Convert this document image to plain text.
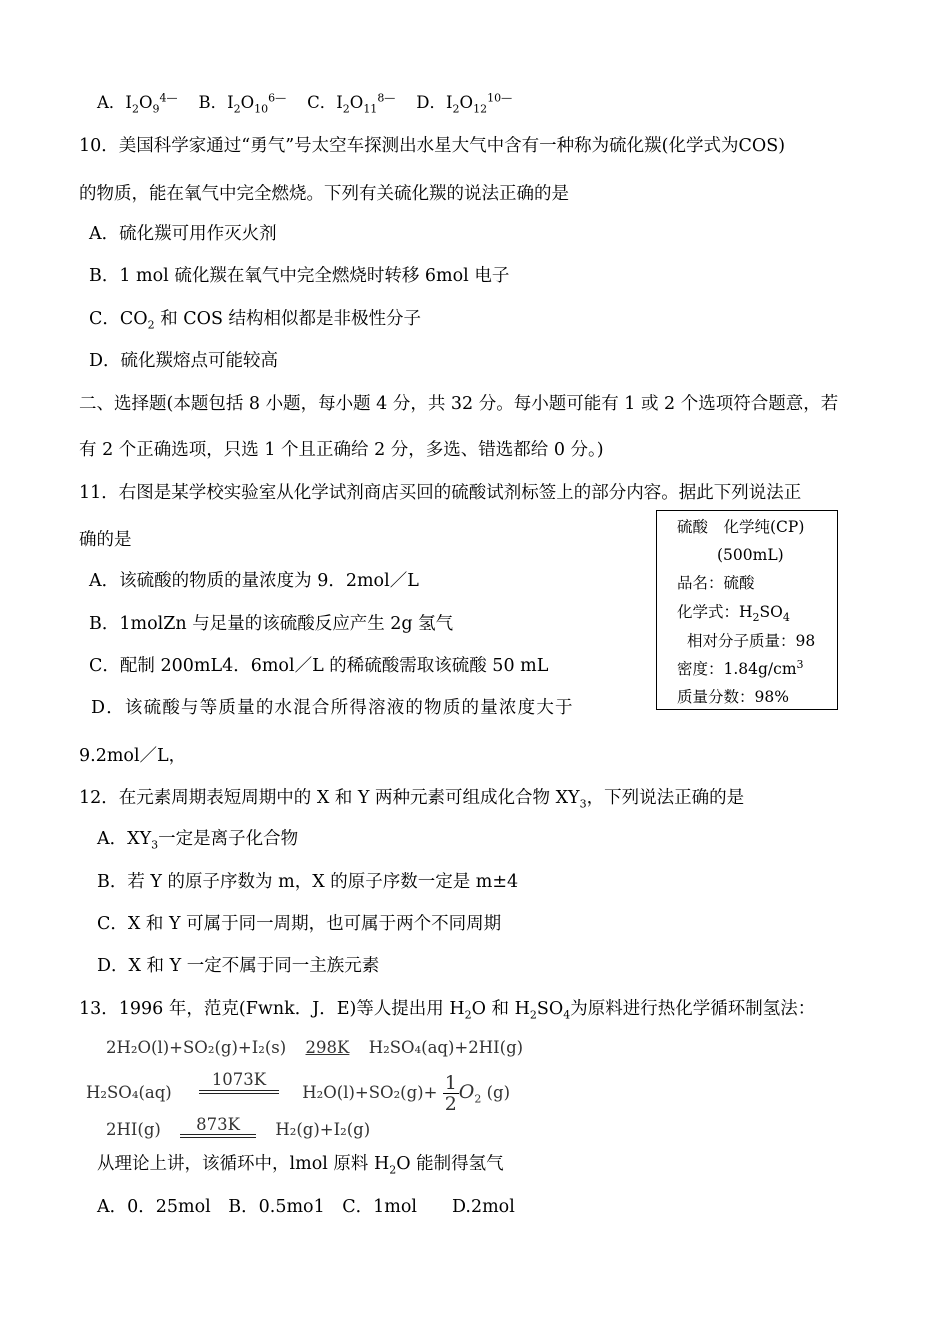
A．$I_2O_9^{4—}$ B．$I_2O_{10}^{6—}$ C．$I_2O_{11}^{8—}$ D．$I_2O_{12}^{10—}$
10．美国科学家通过“勇气”号太空车探测出水星大气中含有一种称为硫化羰(化学式为COS)
的物质，能在氧气中完全燃烧。下列有关硫化羰的说法正确的是
A．硫化羰可用作灭火剂
B．1 mol 硫化羰在氧气中完全燃烧时转移 6mol 电子
C．$CO_2$ 和 COS 结构相似都是非极性分子
D．硫化羰熔点可能较高
二、选择题(本题包括 8 小题，每小题 4 分，共 32 分。每小题可能有 1 或 2 个选项符合题意，若
有 2 个正确选项，只选 1 个且正确给 2 分，多选、错选都给 0 分。)
11．右图是某学校实验室从化学试剂商店买回的硫酸试剂标签上的部分内容。据此下列说法正
确的是
A．该硫酸的物质的量浓度为 9．2mol／L
B．1molZn 与足量的该硫酸反应产生 2g 氢气
C．配制 200mL4．6mol／L 的稀硫酸需取该硫酸 50 mL
D．该硫酸与等质量的水混合所得溶液的物质的量浓度大于
9.2mol／L，
硫酸　化学纯(CP)
(500mL)
品名：硫酸
化学式：$H_2SO_4$
相对分子质量：98
密度：$1.84g/cm^3$
质量分数：98%
12．在元素周期表短周期中的 X 和 Y 两种元素可组成化合物 $XY_3$，下列说法正确的是
A．$XY_3$一定是离子化合物
B．若 Y 的原子序数为 m，X 的原子序数一定是 m±4
C．X 和 Y 可属于同一周期，也可属于两个不同周期
D．X 和 Y 一定不属于同一主族元素
13．1996 年，范克(Fwnk．J．E)等人提出用 $H_2O$ 和 $H_2SO_4$为原料进行热化学循环制氢法：
2H₂O(l)+SO₂(g)+I₂(s) 298K H₂SO₄(aq)+2HI(g)
H₂SO₄(aq)
1073K
$H_2O(l)+SO_2(g)+ \frac{1}{2} O_2$ (g)
2HI(g)	873K	H₂(g)+I₂(g)
从理论上讲，该循环中，lmol 原料 $H_2O$ 能制得氢气
A．0．25mol　B．0.5mo1　C．1mol　　D.2mol
